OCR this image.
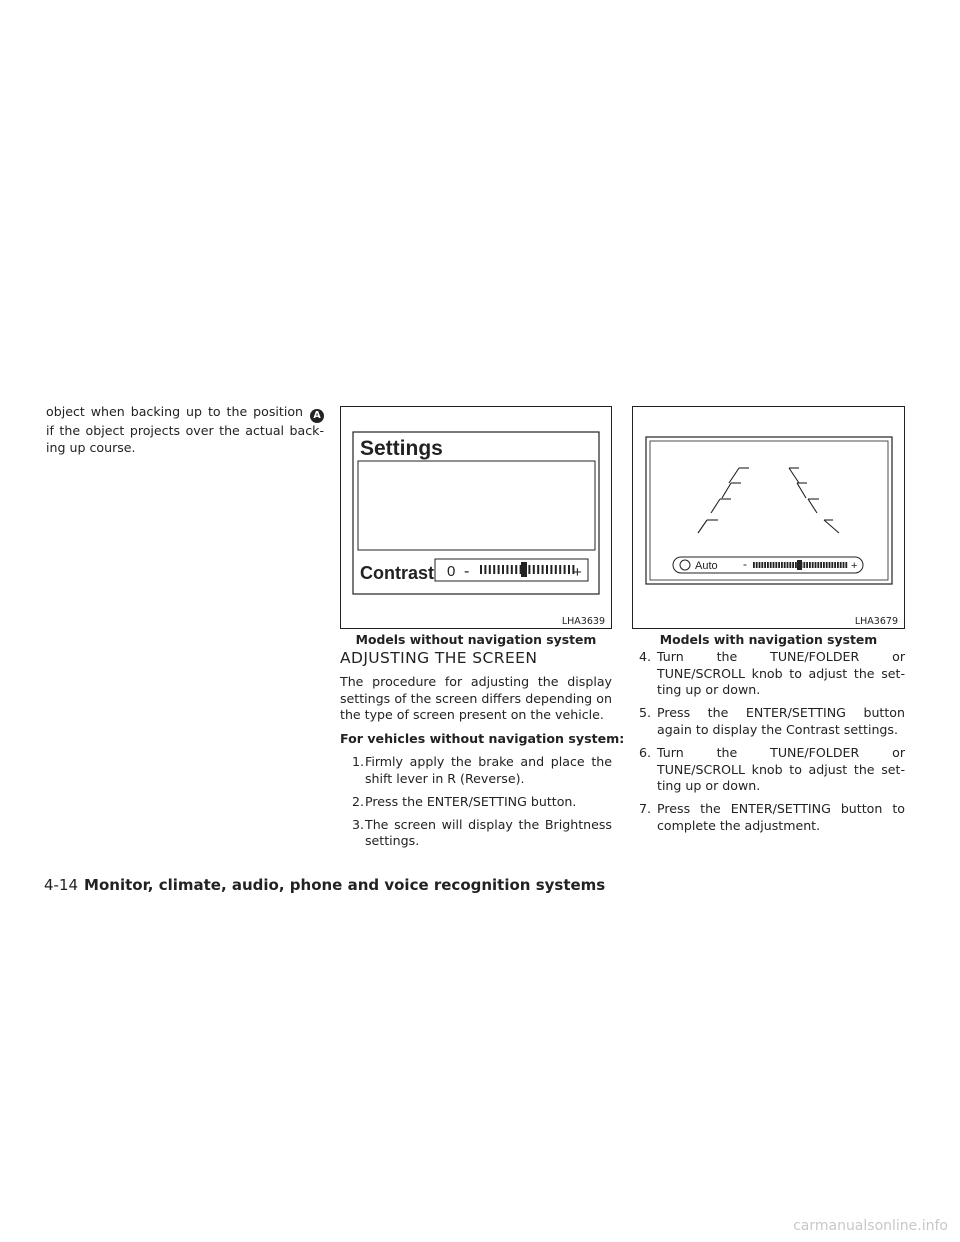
object when backing up to the position A
if the object projects over the actual back-
ing up course.	Settings
Contrast 0 -	+
LHA3639
Models without navigation system
Auto -	+
LHA3679
Models with navigation system
ADJUSTING THE SCREEN
The procedure for adjusting the display
settings of the screen differs depending on
the type of screen present on the vehicle.
For vehicles without navigation system:
1. Firmly apply the brake and place the
shift lever in R (Reverse).
2. Press the ENTER/SETTING button.
3. The screen will display the Brightness
settings.
4. Turn the TUNE/FOLDER or
TUNE/SCROLL knob to adjust the set-
ting up or down.
5. Press the ENTER/SETTING button
again to display the Contrast settings.
6. Turn the TUNE/FOLDER or
TUNE/SCROLL knob to adjust the set-
ting up or down.
7. Press the ENTER/SETTING button to
complete the adjustment.
4-14 Monitor, climate, audio, phone and voice recognition systems
carmanualsonline.info
